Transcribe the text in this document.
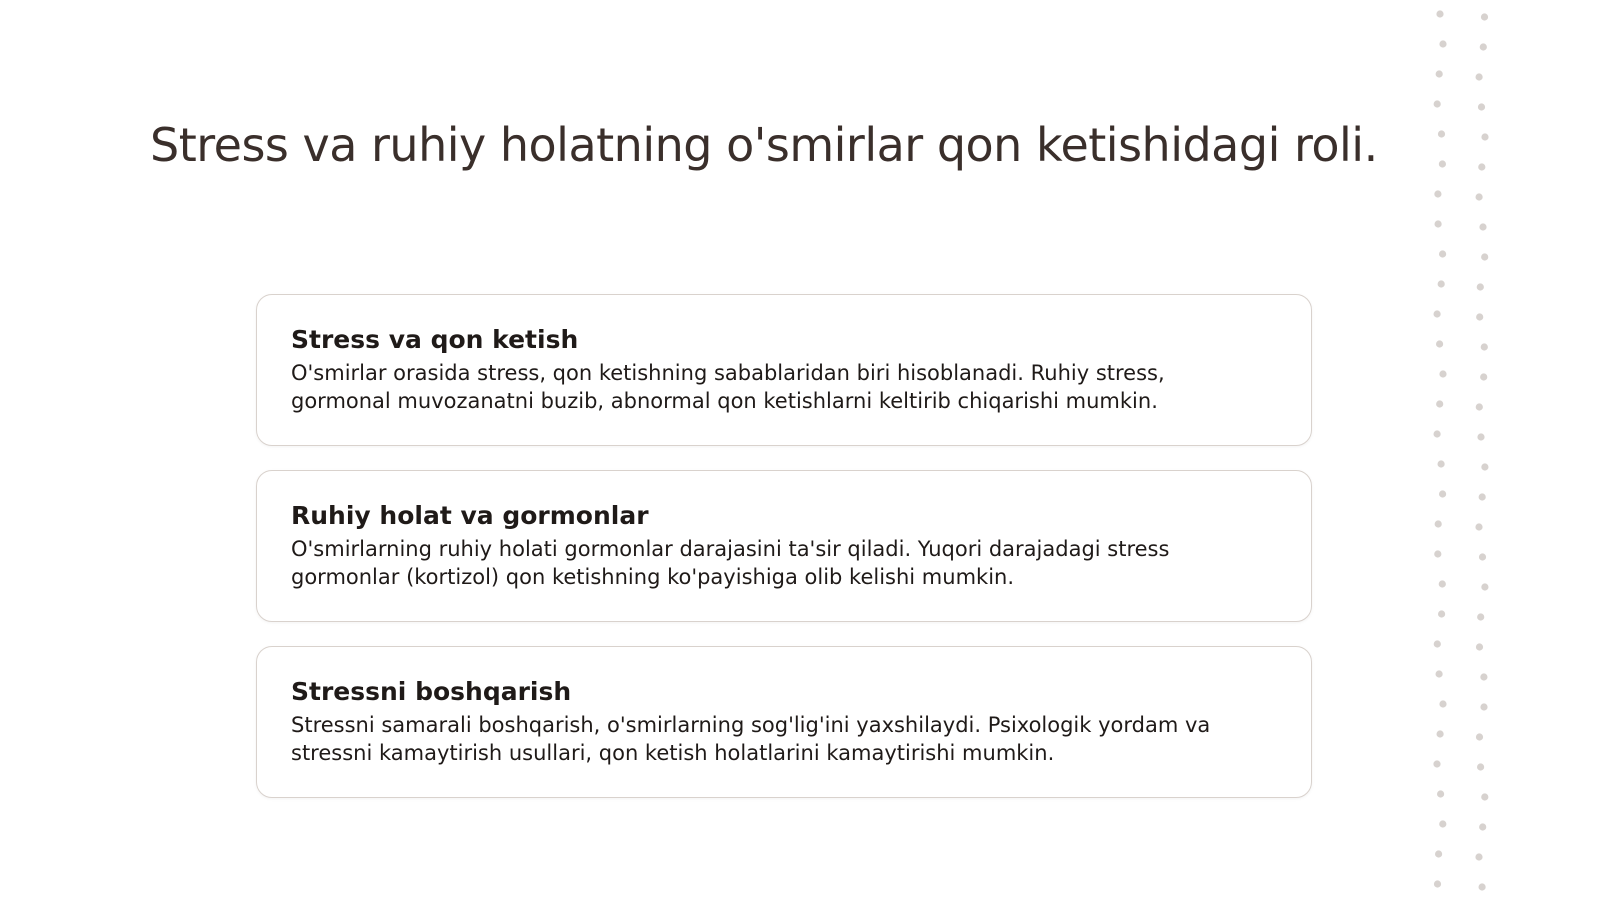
Stress va ruhiy holatning o'smirlar qon ketishidagi roli.
Stress va qon ketish

O'smirlar orasida stress, qon ketishning sabablaridan biri hisoblanadi. Ruhiy stress, gormonal muvozanatni buzib, abnormal qon ketishlarni keltirib chiqarishi mumkin.

Ruhiy holat va gormonlar

O'smirlarning ruhiy holati gormonlar darajasini ta'sir qiladi. Yuqori darajadagi stress gormonlar (kortizol) qon ketishning ko'payishiga olib kelishi mumkin.

Stressni boshqarish

Stressni samarali boshqarish, o'smirlarning sog'lig'ini yaxshilaydi. Psixologik yordam va stressni kamaytirish usullari, qon ketish holatlarini kamaytirishi mumkin.
